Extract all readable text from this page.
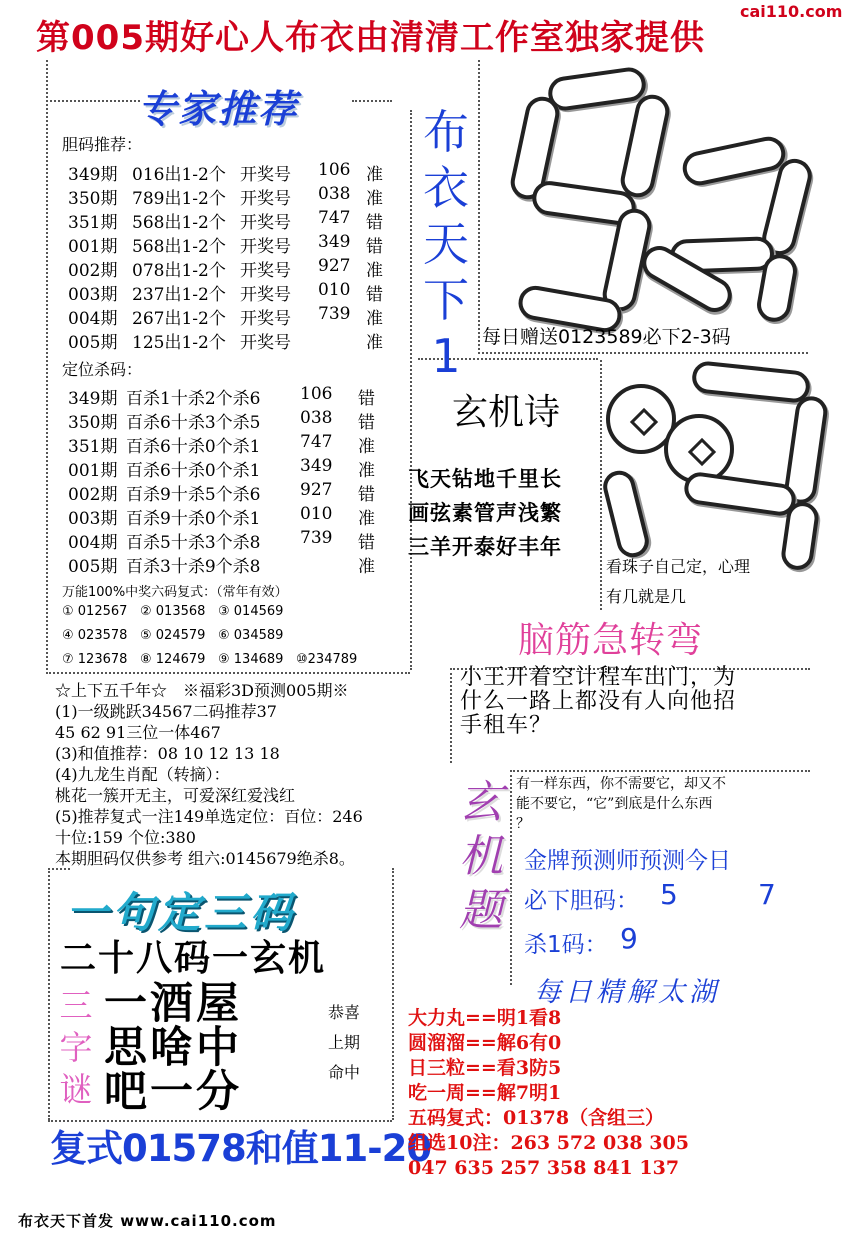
第005期好心人布衣由清清工作室独家提供
cai110.com
专家推荐
胆码推荐：
349期 016出1-2个 开奖号 106 准
350期 789出1-2个 开奖号 038 准
351期 568出1-2个 开奖号 747 错
001期 568出1-2个 开奖号 349 错
002期 078出1-2个 开奖号 927 准
003期 237出1-2个 开奖号 010 错
004期 267出1-2个 开奖号 739 准
005期 125出1-2个 开奖号	准
定位杀码：
349期 百杀1十杀2个杀6 106 错
350期 百杀6十杀3个杀5 038 错
351期 百杀6十杀0个杀1 747 准
001期 百杀6十杀0个杀1 349 准
002期 百杀9十杀5个杀6 927 错
003期 百杀9十杀0个杀1 010 准
004期 百杀5十杀3个杀8 739 错
005期 百杀3十杀9个杀8	准
万能100%中奖六码复式：（常年有效）
① 012567 ② 013568 ③ 014569
④ 023578 ⑤ 024579 ⑥ 034589
⑦ 123678 ⑧ 124679 ⑨ 134689 ⑩234789
☆上下五千年☆　※福彩3D预测005期※
(1)一级跳跃34567二码推荐37
45 62 91三位一体467
(3)和值推荐：08 10 12 13 18
(4)九龙生肖配（转摘）：
桃花一簇开无主，可爱深红爱浅红
(5)推荐复式一注149单选定位：百位：246
十位:159 个位:380
本期胆码仅供参考 组六:0145679绝杀8。
一句定三码
二十八码一玄机
三
字
谜
一酒屋
思啥中
吧一分
恭喜
上期
命中
复式01578和值11-20
布
衣
天
下
1	每日赠送0123589必下2-3码
玄机诗
飞天钻地千里长
画弦素管声浅繁
三羊开泰好丰年
看珠子自己定，心理
有几就是几
脑筋急转弯
小王开着空计程车出门，为
什么一路上都没有人向他招
手租车？
玄
机
题
有一样东西，你不需要它，却又不
能不要它，“它”到底是什么东西
？
金牌预测师预测今日
必下胆码： 5	7
杀1码： 9
每日精解太湖
大力丸==明1看8
圆溜溜==解6有0
日三粒==看3防5
吃一周==解7明1
五码复式：01378（含组三）
组选10注：263 572 038 305
047 635 257 358 841 137
布衣天下首发 www.cai110.com
